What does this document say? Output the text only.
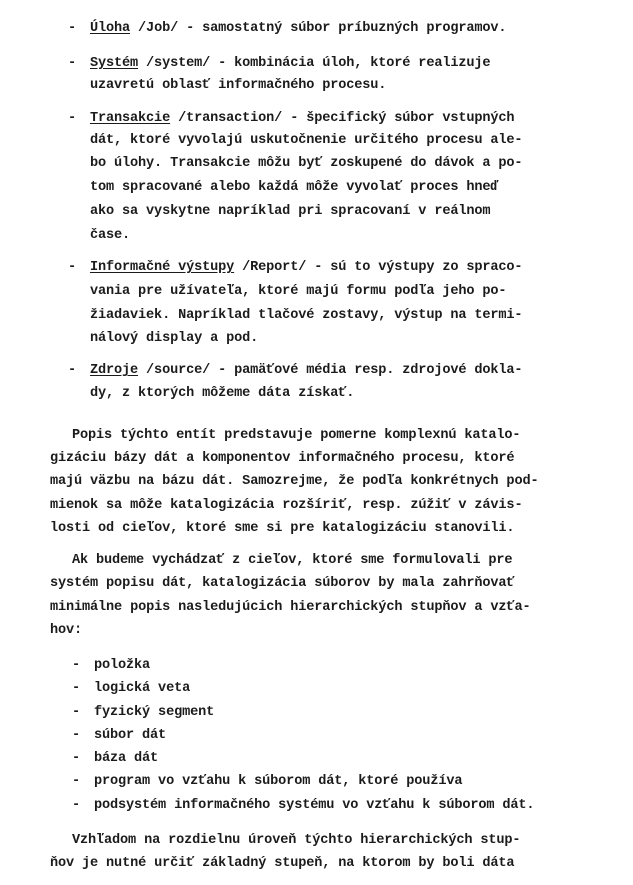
- Úloha /Job/ - samostatný súbor príbuzných programov.
- Systém /system/ - kombinácia úloh, ktoré realizuje
uzavretú oblasť informačného procesu.
- Transakcie /transaction/ - špecifický súbor vstupných
dát, ktoré vyvolajú uskutočnenie určitého procesu ale-
bo úlohy. Transakcie môžu byť zoskupené do dávok a po-
tom spracované alebo každá môže vyvolať proces hneď
ako sa vyskytne napríklad pri spracovaní v reálnom
čase.
- Informačné výstupy /Report/ - sú to výstupy zo spraco-
vania pre užívateľa, ktoré majú formu podľa jeho po-
žiadaviek. Napríklad tlačové zostavy, výstup na termi-
nálový display a pod.
- Zdroje /source/ - pamäťové média resp. zdrojové dokla-
dy, z ktorých môžeme dáta získať.
Popis týchto entít predstavuje pomerne komplexnú katalo-
gizáciu bázy dát a komponentov informačného procesu, ktoré
majú väzbu na bázu dát. Samozrejme, že podľa konkrétnych pod-
mienok sa môže katalogizácia rozšíriť, resp. zúžiť v závis-
losti od cieľov, ktoré sme si pre katalogizáciu stanovili.
Ak budeme vychádzať z cieľov, ktoré sme formulovali pre
systém popisu dát, katalogizácia súborov by mala zahrňovať
minimálne popis nasledujúcich hierarchických stupňov a vzťa-
hov:
- položka
- logická veta
- fyzický segment
- súbor dát
- báza dát
- program vo vzťahu k súborom dát, ktoré používa
- podsystém informačného systému vo vzťahu k súborom dát.
Vzhľadom na rozdielnu úroveň týchto hierarchických stup-
ňov je nutné určiť základný stupeň, na ktorom by boli dáta
